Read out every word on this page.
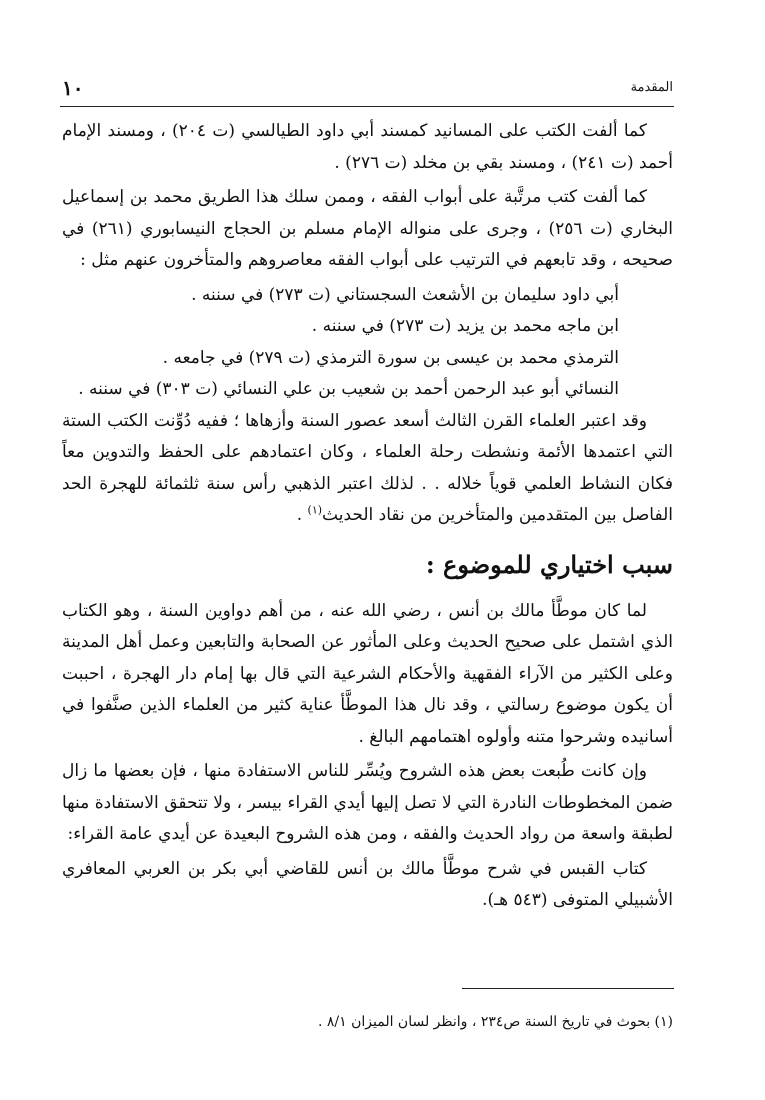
المقدمة
١٠

كما ألفت الكتب على المسانيد كمسند أبي داود الطيالسي (ت ٢٠٤) ، ومسند الإمام أحمد (ت ٢٤١) ، ومسند بقي بن مخلد (ت ٢٧٦) .

كما ألفت كتب مرتَّبة على أبواب الفقه ، وممن سلك هذا الطريق محمد بن إسماعيل البخاري (ت ٢٥٦) ، وجرى على منواله الإمام مسلم بن الحجاج النيسابوري (٢٦١) في صحيحه ، وقد تابعهم في الترتيب على أبواب الفقه معاصروهم والمتأخرون عنهم مثل :

أبي داود سليمان بن الأشعث السجستاني (ت ٢٧٣) في سننه .

ابن ماجه محمد بن يزيد (ت ٢٧٣) في سننه .

الترمذي محمد بن عيسى بن سورة الترمذي (ت ٢٧٩) في جامعه .

النسائي أبو عبد الرحمن أحمد بن شعيب بن علي النسائي (ت ٣٠٣) في سننه .

وقد اعتبر العلماء القرن الثالث أسعد عصور السنة وأزهاها ؛ ففيه دُوِّنت الكتب الستة التي اعتمدها الأئمة ونشطت رحلة العلماء ، وكان اعتمادهم على الحفظ والتدوين معاً فكان النشاط العلمي قوياً خلاله . . لذلك اعتبر الذهبي رأس سنة ثلثمائة للهجرة الحد الفاصل بين المتقدمين والمتأخرين من نقاد الحديث$^{(١)}$ .

سبب اختياري للموضوع :

لما كان موطَّأ مالك بن أنس ، رضي الله عنه ، من أهم دواوين السنة ، وهو الكتاب الذي اشتمل على صحيح الحديث وعلى المأثور عن الصحابة والتابعين وعمل أهل المدينة وعلى الكثير من الآراء الفقهية والأحكام الشرعية التي قال بها إمام دار الهجرة ، احببت أن يكون موضوع رسالتي ، وقد نال هذا الموطَّأ عناية كثير من العلماء الذين صنَّفوا في أسانيده وشرحوا متنه وأولوه اهتمامهم البالغ .

وإن كانت طُبعت بعض هذه الشروح ويُسِّر للناس الاستفادة منها ، فإن بعضها ما زال ضمن المخطوطات النادرة التي لا تصل إليها أيدي القراء بيسر ، ولا تتحقق الاستفادة منها لطبقة واسعة من رواد الحديث والفقه ، ومن هذه الشروح البعيدة عن أيدي عامة القراء:

كتاب القبس في شرح موطَّأ مالك بن أنس للقاضي أبي بكر بن العربي المعافري الأشبيلي المتوفى (٥٤٣ هـ).

(١) بحوث في تاريخ السنة ص٢٣٤ ، وانظر لسان الميزان ٨/١ .
